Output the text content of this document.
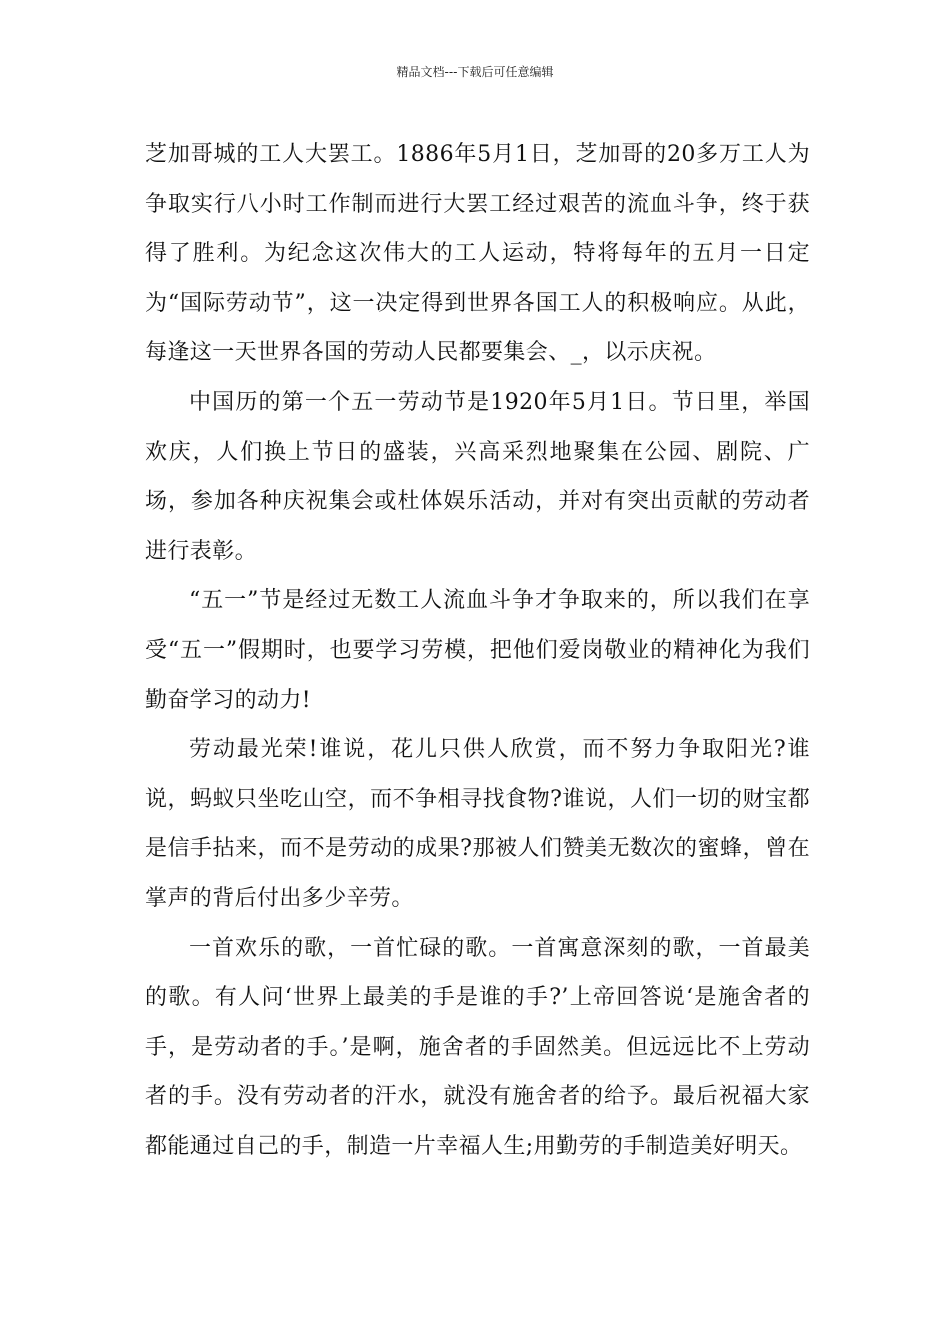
精品文档---下载后可任意编辑

芝加哥城的工人大罢工。1886年5月1日，芝加哥的20多万工人为争取实行八小时工作制而进行大罢工经过艰苦的流血斗争，终于获得了胜利。为纪念这次伟大的工人运动，特将每年的五月一日定为“国际劳动节”，这一决定得到世界各国工人的积极响应。从此，每逢这一天世界各国的劳动人民都要集会、_，以示庆祝。

中国历的第一个五一劳动节是1920年5月1日。节日里，举国欢庆，人们换上节日的盛装，兴高采烈地聚集在公园、剧院、广场，参加各种庆祝集会或杜体娱乐活动，并对有突出贡献的劳动者进行表彰。

“五一”节是经过无数工人流血斗争才争取来的，所以我们在享受“五一”假期时，也要学习劳模，把他们爱岗敬业的精神化为我们勤奋学习的动力!

劳动最光荣!谁说，花儿只供人欣赏，而不努力争取阳光?谁说，蚂蚁只坐吃山空，而不争相寻找食物?谁说，人们一切的财宝都是信手拈来，而不是劳动的成果?那被人们赞美无数次的蜜蜂，曾在掌声的背后付出多少辛劳。

一首欢乐的歌，一首忙碌的歌。一首寓意深刻的歌，一首最美的歌。有人问‘世界上最美的手是谁的手?’上帝回答说‘是施舍者的手，是劳动者的手。’是啊，施舍者的手固然美。但远远比不上劳动者的手。没有劳动者的汗水，就没有施舍者的给予。最后祝福大家都能通过自己的手，制造一片幸福人生;用勤劳的手制造美好明天。
